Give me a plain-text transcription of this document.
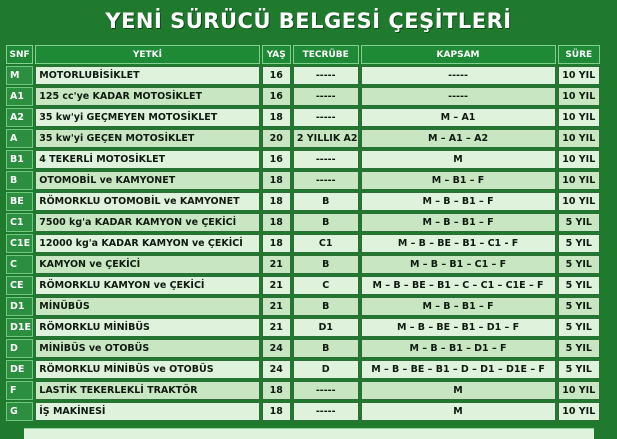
YENİ SÜRÜCÜ BELGESİ ÇEŞİTLERİ
SNF	YETKİ	YAŞ	TECRÜBE	KAPSAM	SÜRE
M	MOTORLUBİSİKLET	16	-----	-----	10 YIL
A1	125 cc'ye KADAR MOTOSİKLET	16	-----	-----	10 YIL
A2	35 kw'yi GEÇMEYEN MOTOSİKLET	18	-----	M – A1	10 YIL
A	35 kw'yi GEÇEN MOTOSİKLET	20	2 YILLIK A2	M – A1 – A2	10 YIL
B1	4 TEKERLİ MOTOSİKLET	16	-----	M	10 YIL
B	OTOMOBİL ve KAMYONET	18	-----	M – B1 – F	10 YIL
BE	RÖMORKLU OTOMOBİL ve KAMYONET	18	B	M – B – B1 – F	10 YIL
C1	7500 kg'a KADAR KAMYON ve ÇEKİCİ	18	B	M – B – B1 – F	5 YIL
C1E	12000 kg'a KADAR KAMYON ve ÇEKİCİ	18	C1	M – B – BE – B1 – C1 - F	5 YIL
C	KAMYON ve ÇEKİCİ	21	B	M – B – B1 – C1 – F	5 YIL
CE	RÖMORKLU KAMYON ve ÇEKİCİ	21	C	M – B – BE – B1 – C – C1 – C1E – F	5 YIL
D1	MİNÜBÜS	21	B	M – B – B1 – F	5 YIL
D1E	RÖMORKLU MİNİBÜS	21	D1	M – B – BE – B1 – D1 – F	5 YIL
D	MİNİBÜS ve OTOBÜS	24	B	M – B – B1 – D1 – F	5 YIL
DE	RÖMORKLU MİNİBÜS ve OTOBÜS	24	D	M – B – BE – B1 – D – D1 – D1E – F	5 YIL
F	LASTİK TEKERLEKLİ TRAKTÖR	18	-----	M	10 YIL
G	İŞ MAKİNESİ	18	-----	M	10 YIL
